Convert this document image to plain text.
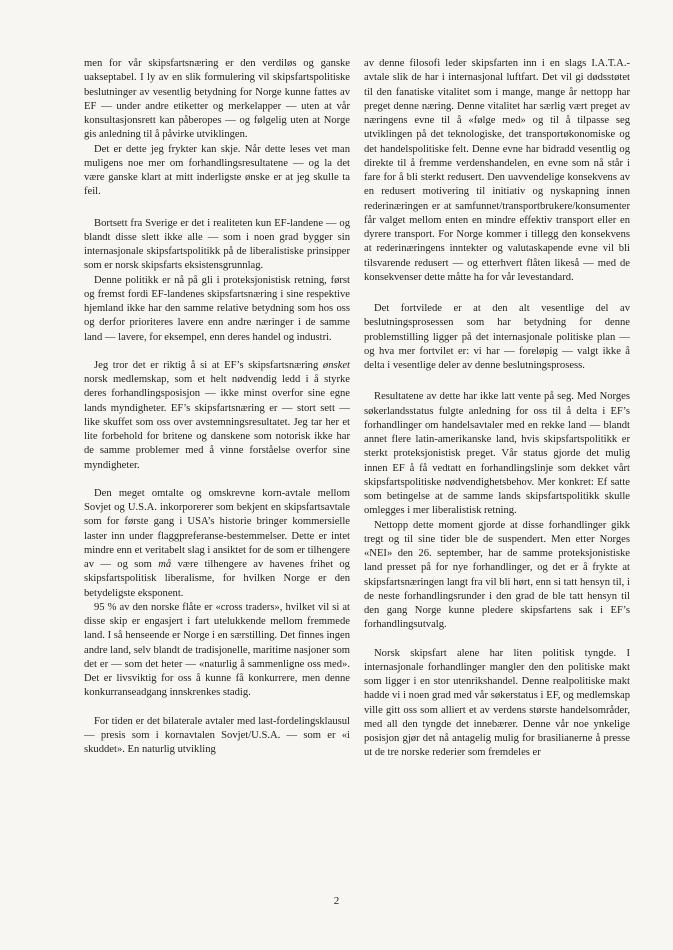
men for vår skipsfartsnæring er den verdiløs og ganske uakseptabel. I ly av en slik formulering vil skipsfartspolitiske beslutninger av vesentlig betydning for Norge kunne fattes av EF — under andre etiketter og merkelapper — uten at vår konsultasjonsrett kan påberopes — og følgelig uten at Norge gis anledning til å påvirke utviklingen.

Det er dette jeg frykter kan skje. Når dette leses vet man muligens noe mer om forhandlingsresultatene — og la det være ganske klart at mitt inderligste ønske er at jeg skulle ta feil.

Bortsett fra Sverige er det i realiteten kun EF-landene — og blandt disse slett ikke alle — som i noen grad bygger sin internasjonale skipsfartspolitikk på de liberalistiske prinsipper som er norsk skipsfarts eksistensgrunnlag.

Denne politikk er nå på gli i proteksjonistisk retning, først og fremst fordi EF-landenes skipsfartsnæring i sine respektive hjemland ikke har den samme relative betydning som hos oss og derfor prioriteres lavere enn andre næringer i de samme land — lavere, for eksempel, enn deres handel og industri.

Jeg tror det er riktig å si at EF’s skipsfartsnæring ønsket norsk medlemskap, som et helt nødvendig ledd i å styrke deres forhandlingsposisjon — ikke minst overfor sine egne lands myndigheter. EF’s skipsfartsnæring er — stort sett — like skuffet som oss over avstemningsresultatet. Jeg tar her et lite forbehold for britene og danskene som notorisk ikke har de samme problemer med å vinne forståelse overfor sine myndigheter.

Den meget omtalte og omskrevne korn-avtale mellom Sovjet og U.S.A. inkorporerer som bekjent en skipsfartsavtale som for første gang i USA’s historie bringer kommersielle laster inn under flaggpreferanse-bestemmelser. Dette er intet mindre enn et veritabelt slag i ansiktet for de som er tilhengere av — og som må være tilhengere av havenes frihet og skipsfartspolitisk liberalisme, for hvilken Norge er den betydeligste eksponent.

95 % av den norske flåte er «cross traders», hvilket vil si at disse skip er engasjert i fart utelukkende mellom fremmede land. I så henseende er Norge i en særstilling. Det finnes ingen andre land, selv blandt de tradisjonelle, maritime nasjoner som det er — som det heter — «naturlig å sammenligne oss med». Det er livsviktig for oss å kunne få konkurrere, men denne konkurranseadgang innskrenkes stadig.

For tiden er det bilaterale avtaler med last-fordelingsklausul — presis som i kornavtalen Sovjet/U.S.A. — som er «i skuddet». En naturlig utvikling

av denne filosofi leder skipsfarten inn i en slags I.A.T.A.-avtale slik de har i internasjonal luftfart. Det vil gi dødsstøtet til den fanatiske vitalitet som i mange, mange år nettopp har preget denne næring. Denne vitalitet har særlig vært preget av næringens evne til å «følge med» og til å tilpasse seg utviklingen på det teknologiske, det transportøkonomiske og det handelspolitiske felt. Denne evne har bidradd vesentlig og direkte til å fremme verdenshandelen, en evne som nå står i fare for å bli sterkt redusert. Den uavvendelige konsekvens av en redusert motivering til initiativ og nyskapning innen rederinæringen er at samfunnet/transportbrukere/konsumenter får valget mellom enten en mindre effektiv transport eller en dyrere transport. For Norge kommer i tillegg den konsekvens at rederinæringens inntekter og valutaskapende evne vil bli tilsvarende redusert — og etterhvert flåten likeså — med de konsekvenser dette måtte ha for vår levestandard.

Det fortvilede er at den alt vesentlige del av beslutningsprosessen som har betydning for denne problemstilling ligger på det internasjonale politiske plan — og hva mer fortvilet er: vi har — foreløpig — valgt ikke å delta i vesentlige deler av denne beslutningsprosess.

Resultatene av dette har ikke latt vente på seg. Med Norges søkerlandsstatus fulgte anledning for oss til å delta i EF’s forhandlinger om handelsavtaler med en rekke land — blandt annet flere latin-amerikanske land, hvis skipsfartspolitikk er sterkt proteksjonistisk preget. Vår status gjorde det mulig innen EF å få vedtatt en forhandlingslinje som dekket vårt skipsfartspolitiske nødvendighetsbehov. Mer konkret: Ef satte som betingelse at de samme lands skipsfartspolitikk skulle omlegges i mer liberalistisk retning.

Nettopp dette moment gjorde at disse forhandlinger gikk tregt og til sine tider ble de suspendert. Men etter Norges «NEI» den 26. september, har de samme proteksjonistiske land presset på for nye forhandlinger, og det er å frykte at skipsfartsnæringen langt fra vil bli hørt, enn si tatt hensyn til, i de neste forhandlingsrunder i den grad de ble tatt hensyn til den gang Norge kunne pledere skipsfartens sak i EF’s forhandlingsutvalg.

Norsk skipsfart alene har liten politisk tyngde. I internasjonale forhandlinger mangler den den politiske makt som ligger i en stor utenrikshandel. Denne realpolitiske makt hadde vi i noen grad med vår søkerstatus i EF, og medlemskap ville gitt oss som alliert et av verdens største handelsområder, med all den tyngde det innebærer. Denne vår noe ynkelige posisjon gjør det nå antagelig mulig for brasilianerne å presse ut de tre norske rederier som fremdeles er

2
